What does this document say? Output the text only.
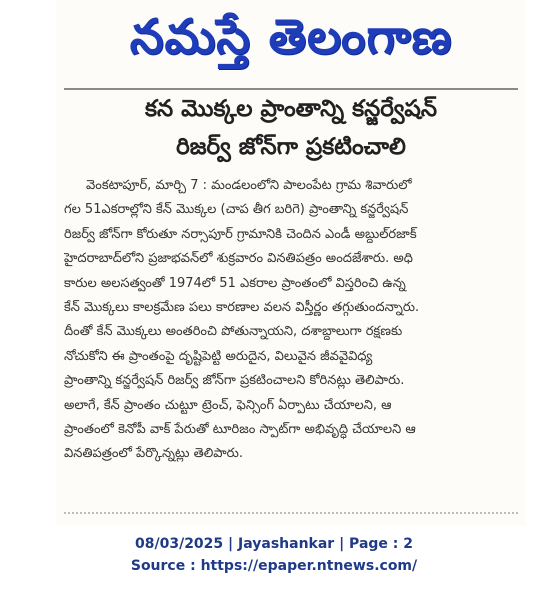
నమస్తే తెలంగాణ
కన మొక్కల ప్రాంతాన్ని కన్జర్వేషన్
రిజర్వ్ జోన్‌గా ప్రకటించాలి
వెంకటాపూర్, మార్చి 7 : మండలంలోని పాలంపేట గ్రామ శివారులో
గల 51ఎకరాల్లోని కేన్ మొక్కల (చాప తీగ బరిగె) ప్రాంతాన్ని కన్జర్వేషన్
రిజర్వ్ జోన్‌గా కోరుతూ నర్సాపూర్ గ్రామానికి చెందిన ఎండీ అబ్దుల్‌రజాక్
హైదరాబాద్‌లోని ప్రజాభవన్‌లో శుక్రవారం వినతిపత్రం అందజేశారు. అధి
కారుల అలసత్వంతో 1974లో 51 ఎకరాల ప్రాంతంలో విస్తరించి ఉన్న
కేన్ మొక్కలు కాలక్రమేణ పలు కారణాల వలన విస్తీర్ణం తగ్గుతుందన్నారు.
దీంతో కేన్ మొక్కలు అంతరించి పోతున్నాయని, దశాబ్దాలుగా రక్షణకు
నోచుకోని ఈ ప్రాంతంపై దృష్టిపెట్టి అరుదైన, విలువైన జీవవైవిధ్య
ప్రాంతాన్ని కన్జర్వేషన్ రిజర్వ్ జోన్‌గా ప్రకటించాలని కోరినట్లు తెలిపారు.
అలాగే, కేన్ ప్రాంతం చుట్టూ ట్రెంచ్, ఫెన్సింగ్ ఏర్పాటు చేయాలని, ఆ
ప్రాంతంలో కెనోపీ వాక్ పేరుతో టూరిజం స్పాట్‌గా అభివృద్ధి చేయాలని ఆ
వినతిపత్రంలో పేర్కొన్నట్లు తెలిపారు.
08/03/2025 | Jayashankar | Page : 2
Source : https://epaper.ntnews.com/
